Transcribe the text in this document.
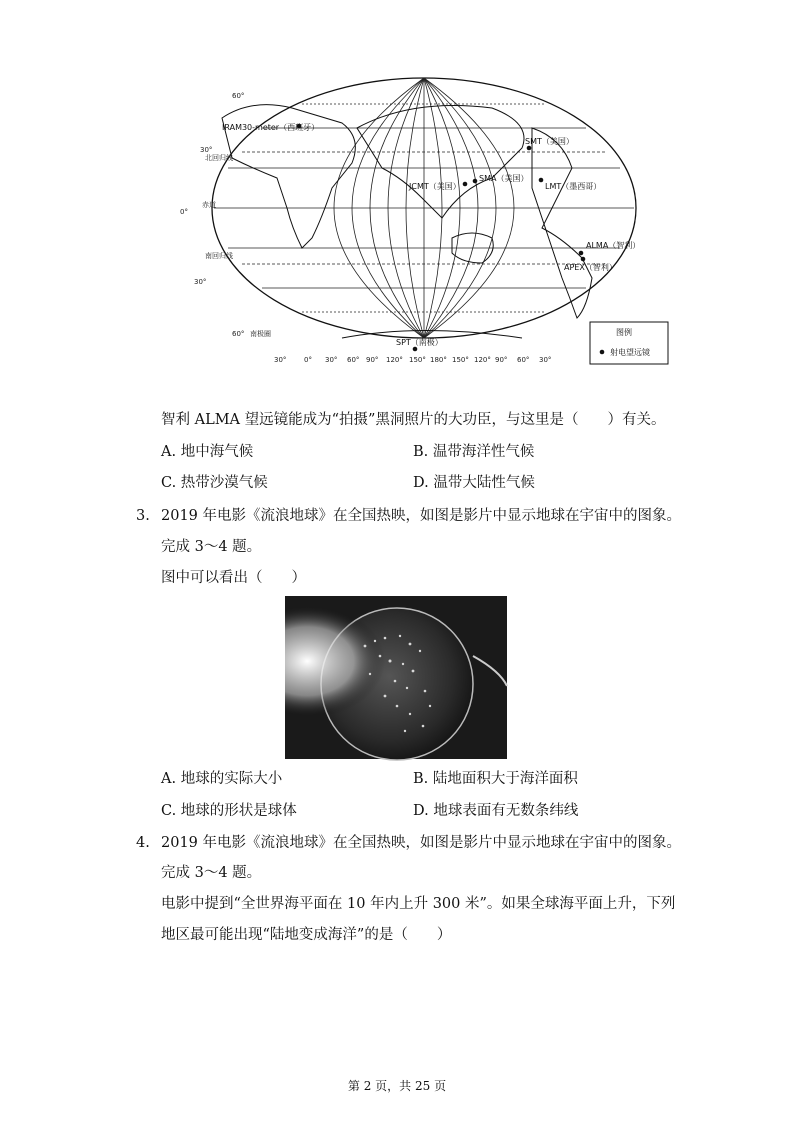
IRAM30-meter（西班牙）
SMT（美国）
JCMT（美国）
SMA（美国）
LMT（墨西哥）
ALMA（智利）
APEX（智利）
SPT（南极）
60°
30°
0°
30°
60°
北回归线
赤道
南回归线
南极圈
30°	0° 30° 60° 90° 120° 150° 180° 150° 120° 90° 60° 30°
图例
射电望远镜
智利 ALMA 望远镜能成为“拍摄”黑洞照片的大功臣，与这里是（　　）有关。
A. 地中海气候	B. 温带海洋性气候
C. 热带沙漠气候	D. 温带大陆性气候
3. 2019 年电影《流浪地球》在全国热映，如图是影片中显示地球在宇宙中的图象。
完成 3～4 题。
图中可以看出（　　）
A. 地球的实际大小	B. 陆地面积大于海洋面积
C. 地球的形状是球体	D. 地球表面有无数条纬线
4. 2019 年电影《流浪地球》在全国热映，如图是影片中显示地球在宇宙中的图象。
完成 3～4 题。
电影中提到“全世界海平面在 10 年内上升 300 米”。如果全球海平面上升，下列
地区最可能出现“陆地变成海洋”的是（　　）
第 2 页，共 25 页
